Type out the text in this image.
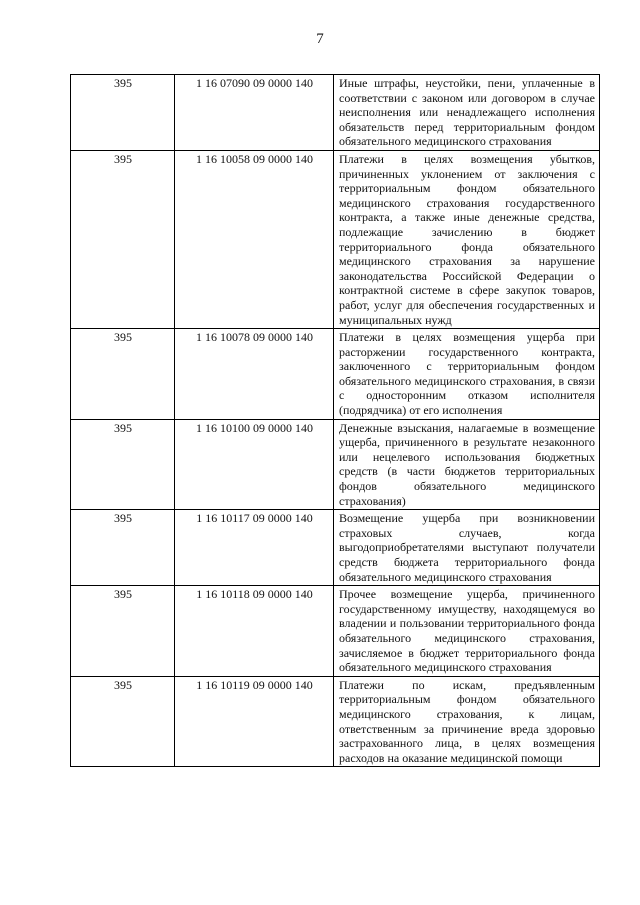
7
395	1 16 07090 09 0000 140	Иные штрафы, неустойки, пени, уплаченные в соответствии с законом или договором в случае неисполнения или ненадлежащего исполнения обязательств перед территориальным фондом обязательного медицинского страхования
395	1 16 10058 09 0000 140	Платежи в целях возмещения убытков, причиненных уклонением от заключения с территориальным фондом обязательного медицинского страхования государственного контракта, а также иные денежные средства, подлежащие зачислению в бюджет территориального фонда обязательного медицинского страхования за нарушение законодательства Российской Федерации о контрактной системе в сфере закупок товаров, работ, услуг для обеспечения государственных и муниципальных нужд
395	1 16 10078 09 0000 140	Платежи в целях возмещения ущерба при расторжении государственного контракта, заключенного с территориальным фондом обязательного медицинского страхования, в связи с односторонним отказом исполнителя (подрядчика) от его исполнения
395	1 16 10100 09 0000 140	Денежные взыскания, налагаемые в возмещение ущерба, причиненного в результате незаконного или нецелевого использования бюджетных средств (в части бюджетов территориальных фондов обязательного медицинского страхования)
395	1 16 10117 09 0000 140	Возмещение ущерба при возникновении страховых случаев, когда выгодоприобретателями выступают получатели средств бюджета территориального фонда обязательного медицинского страхования
395	1 16 10118 09 0000 140	Прочее возмещение ущерба, причиненного государственному имуществу, находящемуся во владении и пользовании территориального фонда обязательного медицинского страхования, зачисляемое в бюджет территориального фонда обязательного медицинского страхования
395	1 16 10119 09 0000 140	Платежи по искам, предъявленным территориальным фондом обязательного медицинского страхования, к лицам, ответственным за причинение вреда здоровью застрахованного лица, в целях возмещения расходов на оказание медицинской помощи
